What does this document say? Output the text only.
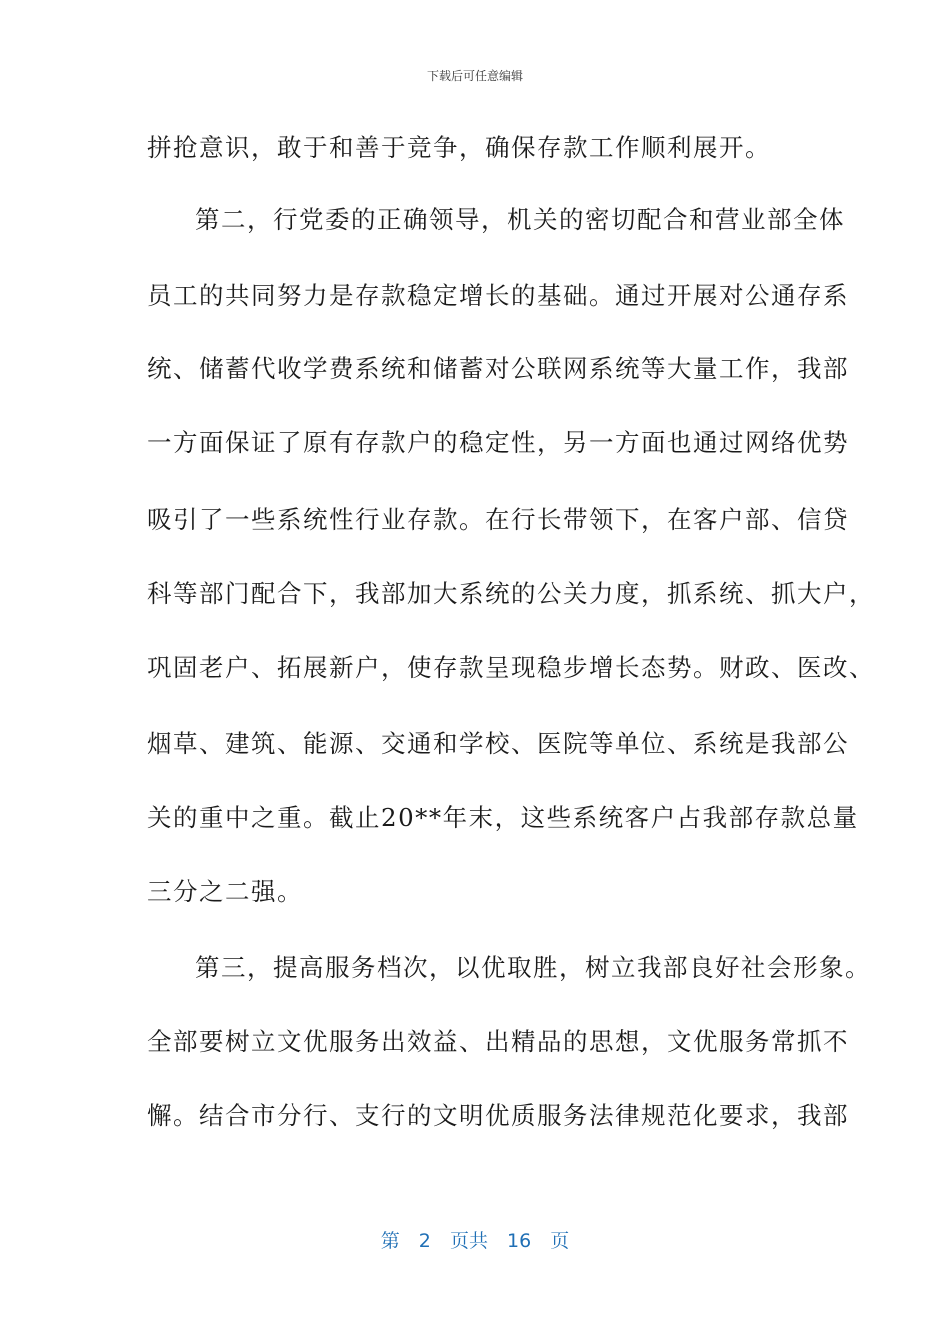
下载后可任意编辑
拼抢意识，敢于和善于竞争，确保存款工作顺利展开。
第二，行党委的正确领导，机关的密切配合和营业部全体
员工的共同努力是存款稳定增长的基础。通过开展对公通存系
统、储蓄代收学费系统和储蓄对公联网系统等大量工作，我部
一方面保证了原有存款户的稳定性，另一方面也通过网络优势
吸引了一些系统性行业存款。在行长带领下，在客户部、信贷
科等部门配合下，我部加大系统的公关力度，抓系统、抓大户，
巩固老户、拓展新户，使存款呈现稳步增长态势。财政、医改、
烟草、建筑、能源、交通和学校、医院等单位、系统是我部公
关的重中之重。截止20**年末，这些系统客户占我部存款总量
三分之二强。
第三，提高服务档次，以优取胜，树立我部良好社会形象。
全部要树立文优服务出效益、出精品的思想，文优服务常抓不
懈。结合市分行、支行的文明优质服务法律规范化要求，我部
第 2 页共 16 页
